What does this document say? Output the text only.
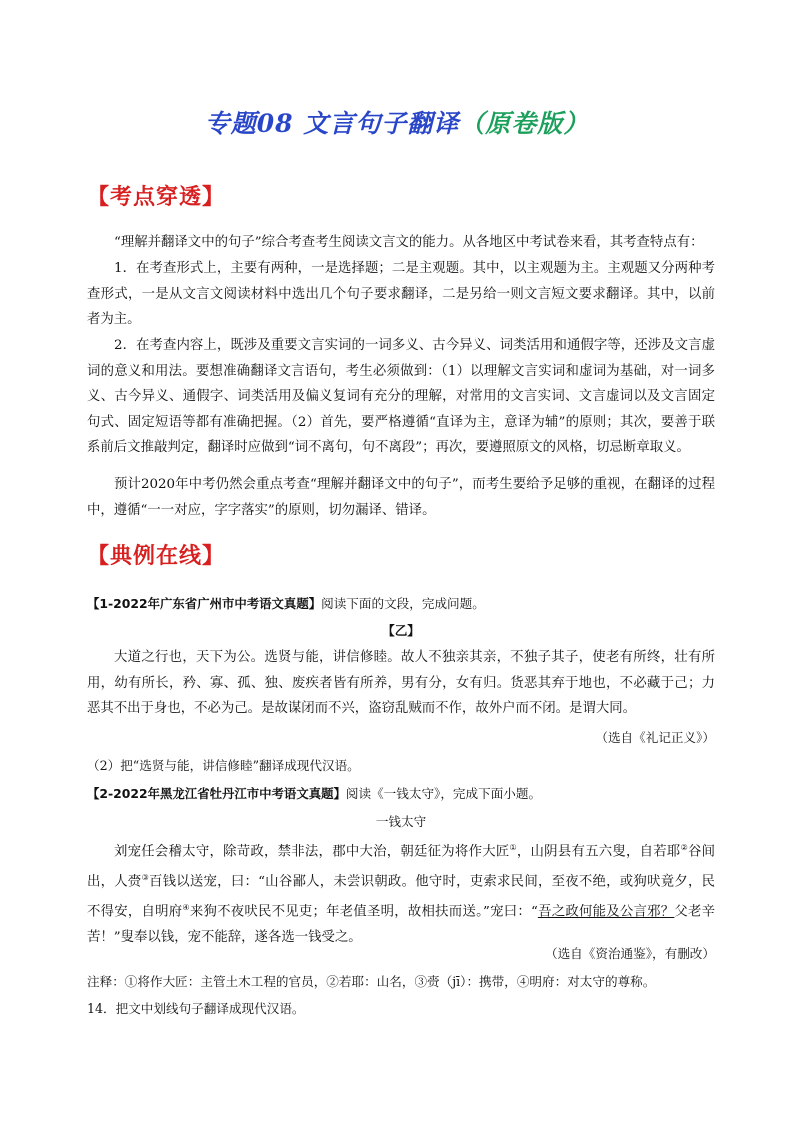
专题08 文言句子翻译（原卷版）
【考点穿透】
“理解并翻译文中的句子”综合考查考生阅读文言文的能力。从各地区中考试卷来看，其考查特点有：
1．在考查形式上，主要有两种，一是选择题；二是主观题。其中，以主观题为主。主观题又分两种考查形式，一是从文言文阅读材料中选出几个句子要求翻译，二是另给一则文言短文要求翻译。其中，以前者为主。
2．在考查内容上，既涉及重要文言实词的一词多义、古今异义、词类活用和通假字等，还涉及文言虚词的意义和用法。要想准确翻译文言语句，考生必须做到：（1）以理解文言实词和虚词为基础，对一词多义、古今异义、通假字、词类活用及偏义复词有充分的理解，对常用的文言实词、文言虚词以及文言固定句式、固定短语等都有准确把握。（2）首先，要严格遵循“直译为主，意译为辅”的原则；其次，要善于联系前后文推敲判定，翻译时应做到“词不离句，句不离段”；再次，要遵照原文的风格，切忌断章取义。
预计2020年中考仍然会重点考查“理解并翻译文中的句子”，而考生要给予足够的重视，在翻译的过程中，遵循“一一对应，字字落实”的原则，切勿漏译、错译。
【典例在线】
【1-2022年广东省广州市中考语文真题】阅读下面的文段，完成问题。
【乙】
大道之行也，天下为公。选贤与能，讲信修睦。故人不独亲其亲，不独子其子，使老有所终，壮有所用，幼有所长，矜、寡、孤、独、废疾者皆有所养，男有分，女有归。货恶其弃于地也，不必藏于己；力恶其不出于身也，不必为己。是故谋闭而不兴，盗窃乱贼而不作，故外户而不闭。是谓大同。
（选自《礼记正义》）
（2）把“选贤与能，讲信修睦”翻译成现代汉语。
【2-2022年黑龙江省牡丹江市中考语文真题】阅读《一钱太守》，完成下面小题。
一钱太守
刘宠任会稽太守，除苛政，禁非法，郡中大治，朝廷征为将作大匠①，山阴县有五六叟，自若耶②谷间出，人赍③百钱以送宠，曰：“山谷鄙人，未尝识朝政。他守时，吏索求民间，至夜不绝，或狗吠竟夕，民不得安，自明府④来狗不夜吠民不见吏；年老值圣明，故相扶而送。”宠曰：“吾之政何能及公言邪？父老辛苦！”叟奉以钱，宠不能辞，遂各选一钱受之。
（选自《资治通鉴》，有删改）
注释：①将作大匠：主管土木工程的官员，②若耶：山名，③赍（jī）：携带，④明府：对太守的尊称。
14．把文中划线句子翻译成现代汉语。
